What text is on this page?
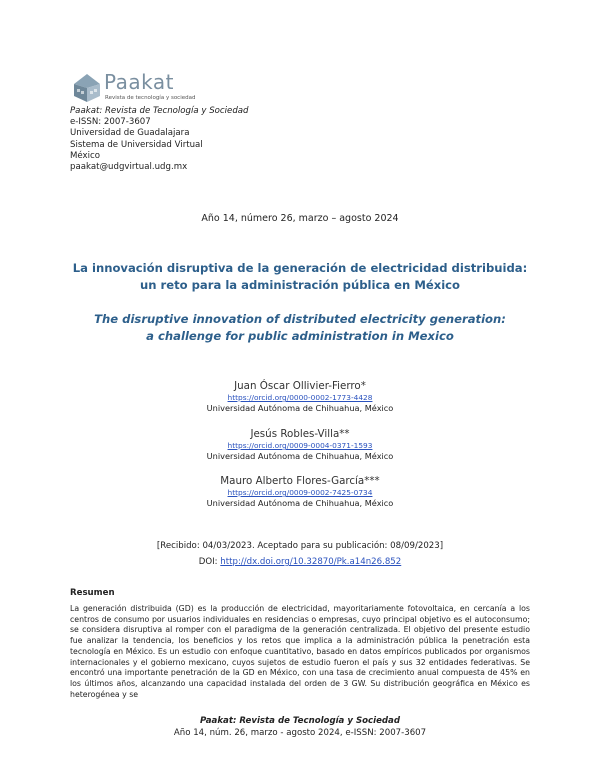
Paakat
Revista de tecnología y sociedad
Paakat: Revista de Tecnología y Sociedad
e-ISSN: 2007-3607
Universidad de Guadalajara
Sistema de Universidad Virtual
México
paakat@udgvirtual.udg.mx
Año 14, número 26, marzo – agosto 2024
La innovación disruptiva de la generación de electricidad distribuida:
un reto para la administración pública en México
The disruptive innovation of distributed electricity generation:
a challenge for public administration in Mexico
Juan Óscar Ollivier-Fierro*
https://orcid.org/0000-0002-1773-4428
Universidad Autónoma de Chihuahua, México
Jesús Robles-Villa**
https://orcid.org/0009-0004-0371-1593
Universidad Autónoma de Chihuahua, México
Mauro Alberto Flores-García***
https://orcid.org/0009-0002-7425-0734
Universidad Autónoma de Chihuahua, México
[Recibido: 04/03/2023. Aceptado para su publicación: 08/09/2023]
DOI: http://dx.doi.org/10.32870/Pk.a14n26.852
Resumen

La generación distribuida (GD) es la producción de electricidad, mayoritariamente fotovoltaica, en cercanía a los centros de consumo por usuarios individuales en residencias o empresas, cuyo principal objetivo es el autoconsumo; se considera disruptiva al romper con el paradigma de la generación centralizada. El objetivo del presente estudio fue analizar la tendencia, los beneficios y los retos que implica a la administración pública la penetración esta tecnología en México. Es un estudio con enfoque cuantitativo, basado en datos empíricos publicados por organismos internacionales y el gobierno mexicano, cuyos sujetos de estudio fueron el país y sus 32 entidades federativas. Se encontró una importante penetración de la GD en México, con una tasa de crecimiento anual compuesta de 45% en los últimos años, alcanzando una capacidad instalada del orden de 3 GW. Su distribución geográfica en México es heterogénea y se

Paakat: Revista de Tecnología y Sociedad
Año 14, núm. 26, marzo - agosto 2024, e-ISSN: 2007-3607
